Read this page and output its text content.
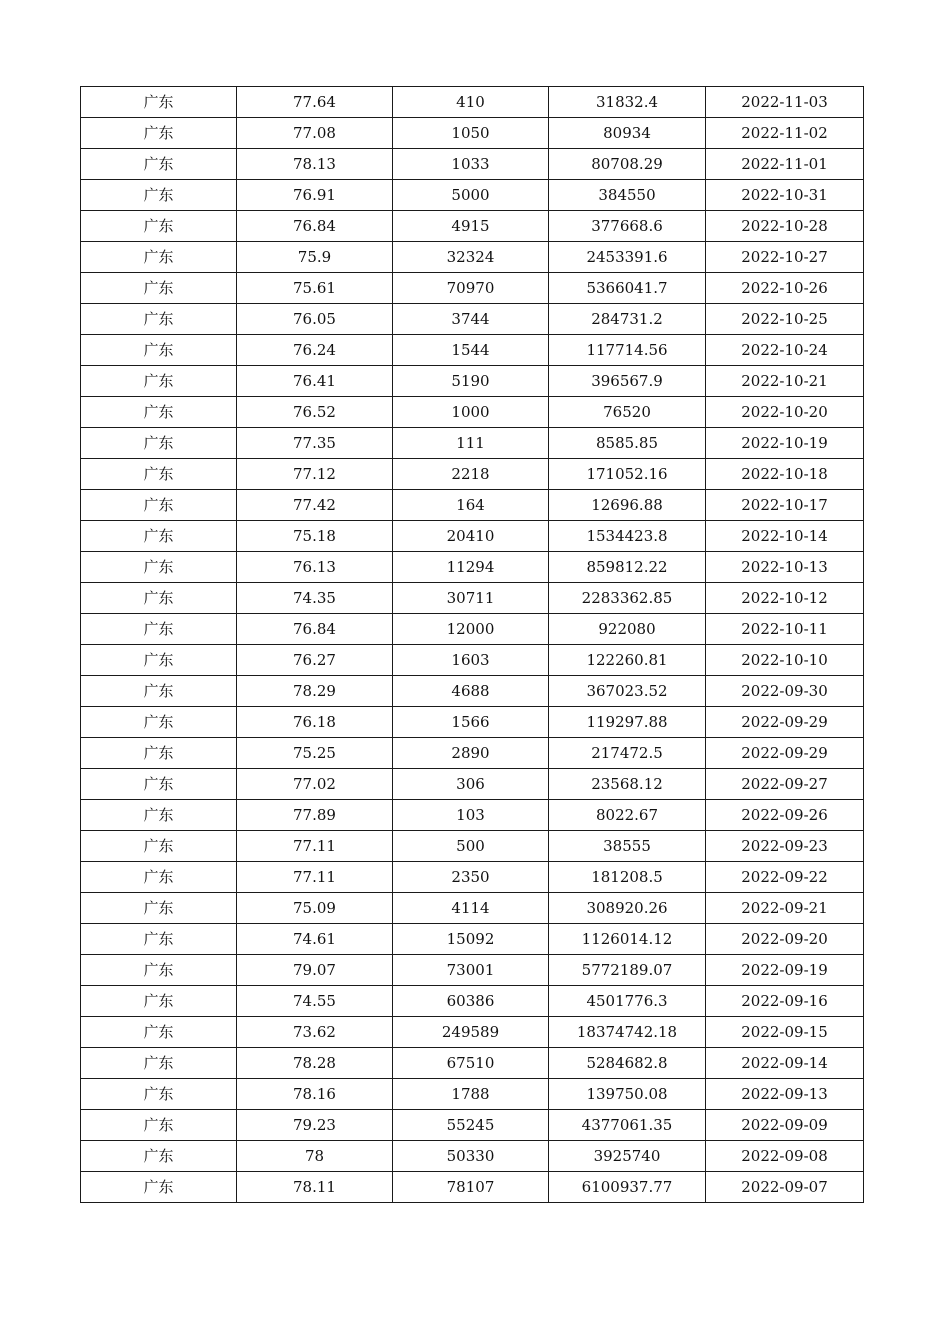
广东	77.64	410	31832.4	2022-11-03
广东	77.08	1050	80934	2022-11-02
广东	78.13	1033	80708.29	2022-11-01
广东	76.91	5000	384550	2022-10-31
广东	76.84	4915	377668.6	2022-10-28
广东	75.9	32324	2453391.6	2022-10-27
广东	75.61	70970	5366041.7	2022-10-26
广东	76.05	3744	284731.2	2022-10-25
广东	76.24	1544	117714.56	2022-10-24
广东	76.41	5190	396567.9	2022-10-21
广东	76.52	1000	76520	2022-10-20
广东	77.35	111	8585.85	2022-10-19
广东	77.12	2218	171052.16	2022-10-18
广东	77.42	164	12696.88	2022-10-17
广东	75.18	20410	1534423.8	2022-10-14
广东	76.13	11294	859812.22	2022-10-13
广东	74.35	30711	2283362.85	2022-10-12
广东	76.84	12000	922080	2022-10-11
广东	76.27	1603	122260.81	2022-10-10
广东	78.29	4688	367023.52	2022-09-30
广东	76.18	1566	119297.88	2022-09-29
广东	75.25	2890	217472.5	2022-09-29
广东	77.02	306	23568.12	2022-09-27
广东	77.89	103	8022.67	2022-09-26
广东	77.11	500	38555	2022-09-23
广东	77.11	2350	181208.5	2022-09-22
广东	75.09	4114	308920.26	2022-09-21
广东	74.61	15092	1126014.12	2022-09-20
广东	79.07	73001	5772189.07	2022-09-19
广东	74.55	60386	4501776.3	2022-09-16
广东	73.62	249589	18374742.18	2022-09-15
广东	78.28	67510	5284682.8	2022-09-14
广东	78.16	1788	139750.08	2022-09-13
广东	79.23	55245	4377061.35	2022-09-09
广东	78	50330	3925740	2022-09-08
广东	78.11	78107	6100937.77	2022-09-07
